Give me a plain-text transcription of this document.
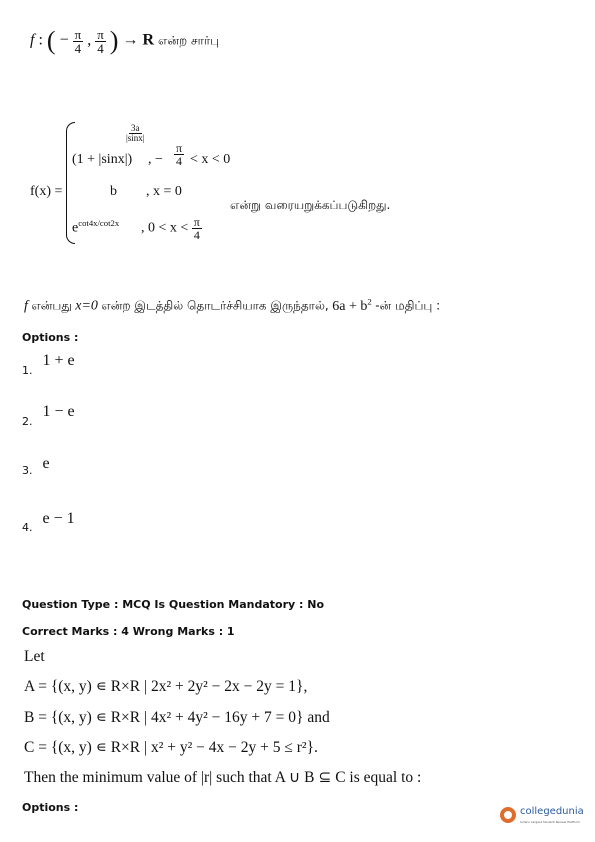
f : ( − $\frac{\pi}{4}$ , $\frac{\pi}{4}$ ) → R என்ற சார்பு
f(x) =
$\frac{3a}{|\sin x|}$
(1 + |sinx|) , − $\frac{\pi}{4} < x < 0$
b , x = 0
$e^{cot4x/cot2x}$ , $0 < x < \frac{\pi}{4}$
என்று வரையறுக்கப்படுகிறது.
f என்பது x=0 என்ற இடத்தில் தொடர்ச்சியாக இருந்தால், $6a + b^2$ -ன் மதிப்பு :
Options :
$_{1.}$ 1 + e
$_{2.}$ 1 − e
$_{3.}$ e
$_{4.}$ e − 1
Question Type : MCQ Is Question Mandatory : No
Correct Marks : 4 Wrong Marks : 1
Let
A = {(x, y) ∊ R×R | 2x² + 2y² − 2x − 2y = 1},
B = {(x, y) ∊ R×R | 4x² + 4y² − 16y + 7 = 0} and
C = {(x, y) ∊ R×R | x² + y² − 4x − 2y + 5 ≤ r²}.
Then the minimum value of |r| such that A ∪ B ⊆ C is equal to :
Options :	collegedunia
India's Largest Student Review Platform
